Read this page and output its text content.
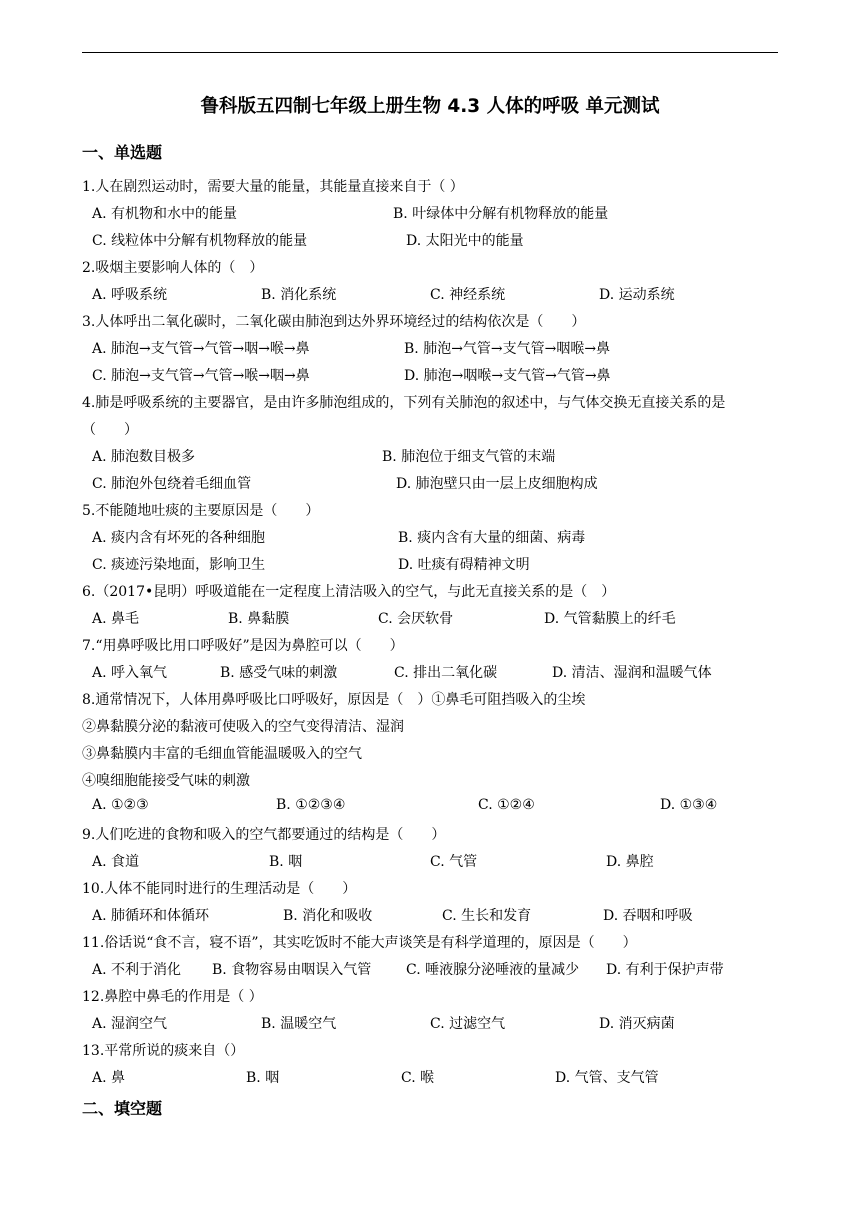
鲁科版五四制七年级上册生物 4.3 人体的呼吸 单元测试
一、单选题
1.人在剧烈运动时，需要大量的能量，其能量直接来自于（ ）
A. 有机物和水中的能量	B. 叶绿体中分解有机物释放的能量
C. 线粒体中分解有机物释放的能量	D. 太阳光中的能量
2.吸烟主要影响人体的（　）
A. 呼吸系统	B. 消化系统	C. 神经系统	D. 运动系统
3.人体呼出二氧化碳时，二氧化碳由肺泡到达外界环境经过的结构依次是（　　）
A. 肺泡→支气管→气管→咽→喉→鼻	B. 肺泡→气管→支气管→咽喉→鼻
C. 肺泡→支气管→气管→喉→咽→鼻	D. 肺泡→咽喉→支气管→气管→鼻
4.肺是呼吸系统的主要器官，是由许多肺泡组成的，下列有关肺泡的叙述中，与气体交换无直接关系的是
（　　）
A. 肺泡数目极多	B. 肺泡位于细支气管的末端
C. 肺泡外包绕着毛细血管	D. 肺泡壁只由一层上皮细胞构成
5.不能随地吐痰的主要原因是（　　）
A. 痰内含有坏死的各种细胞	B. 痰内含有大量的细菌、病毒
C. 痰迹污染地面，影响卫生	D. 吐痰有碍精神文明
6.（2017•昆明）呼吸道能在一定程度上清洁吸入的空气，与此无直接关系的是（　）
A. 鼻毛	B. 鼻黏膜	C. 会厌软骨	D. 气管黏膜上的纤毛
7.“用鼻呼吸比用口呼吸好”是因为鼻腔可以（　　）
A. 呼入氧气	B. 感受气味的刺激	C. 排出二氧化碳	D. 清洁、湿润和温暖气体
8.通常情况下，人体用鼻呼吸比口呼吸好，原因是（　）①鼻毛可阻挡吸入的尘埃
②鼻黏膜分泌的黏液可使吸入的空气变得清洁、湿润
③鼻黏膜内丰富的毛细血管能温暖吸入的空气
④嗅细胞能接受气味的刺激
A. ①②③	B. ①②③④	C. ①②④	D. ①③④
9.人们吃进的食物和吸入的空气都要通过的结构是（　　）
A. 食道	B. 咽	C. 气管	D. 鼻腔
10.人体不能同时进行的生理活动是（　　）
A. 肺循环和体循环	B. 消化和吸收	C. 生长和发育	D. 吞咽和呼吸
11.俗话说“食不言，寝不语”，其实吃饭时不能大声谈笑是有科学道理的，原因是（　　）
A. 不利于消化 B. 食物容易由咽误入气管 C. 唾液腺分泌唾液的量减少 D. 有利于保护声带
12.鼻腔中鼻毛的作用是（ ）
A. 湿润空气	B. 温暖空气	C. 过滤空气	D. 消灭病菌
13.平常所说的痰来自（）
A. 鼻	B. 咽	C. 喉	D. 气管、支气管
二、填空题
